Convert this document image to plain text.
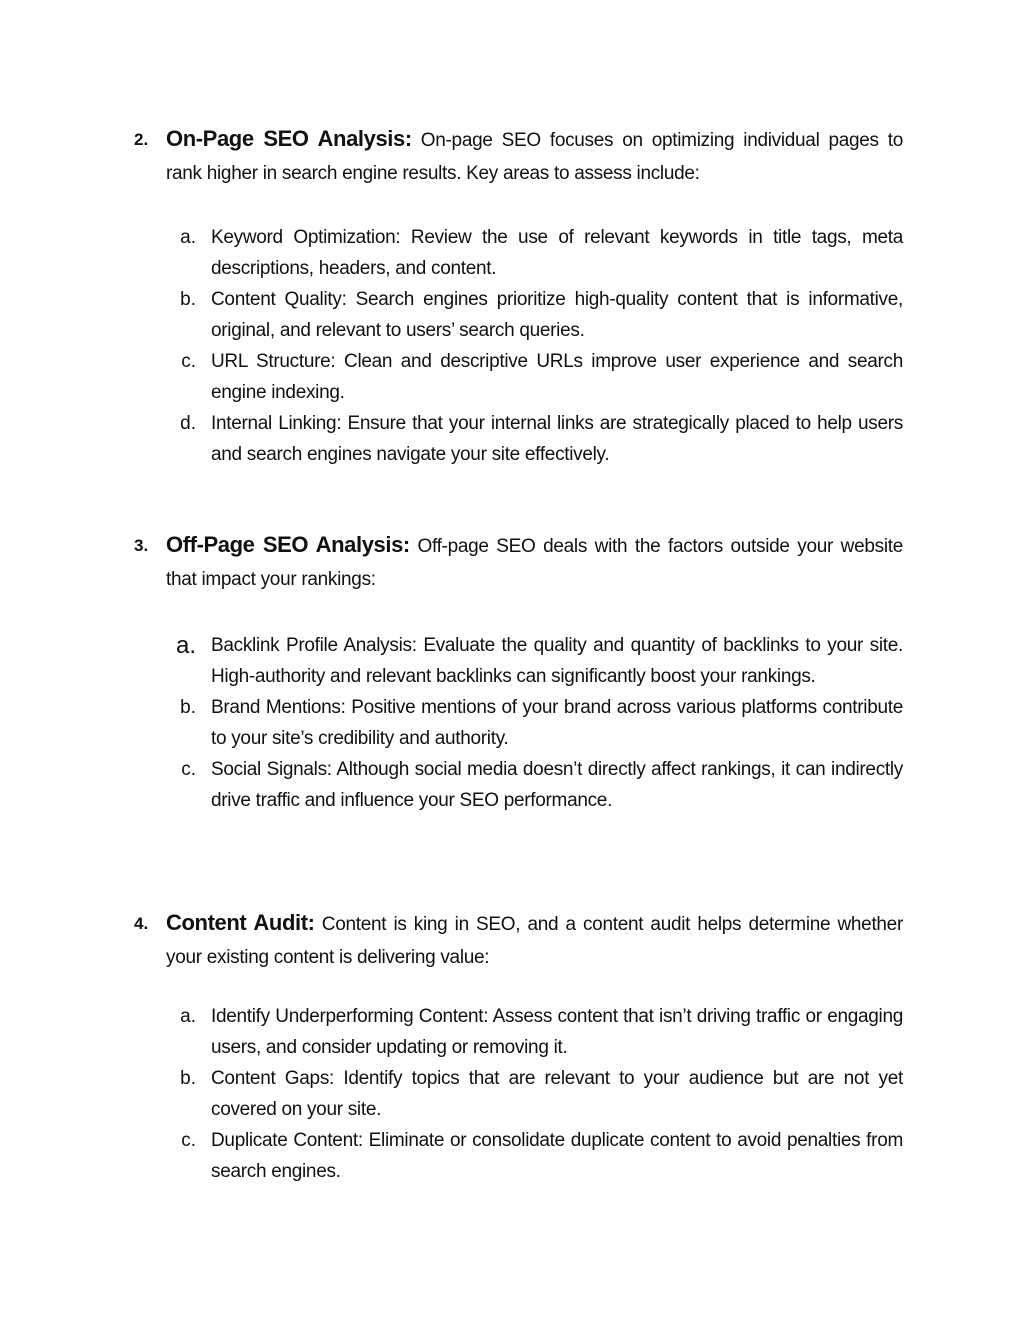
2. On-Page SEO Analysis: On-page SEO focuses on optimizing individual pages to rank higher in search engine results. Key areas to assess include:

a. Keyword Optimization: Review the use of relevant keywords in title tags, meta descriptions, headers, and content.
b. Content Quality: Search engines prioritize high-quality content that is informative, original, and relevant to users’ search queries.
c. URL Structure: Clean and descriptive URLs improve user experience and search engine indexing.
d. Internal Linking: Ensure that your internal links are strategically placed to help users and search engines navigate your site effectively.
3. Off-Page SEO Analysis: Off-page SEO deals with the factors outside your website that impact your rankings:

a. Backlink Profile Analysis: Evaluate the quality and quantity of backlinks to your site. High-authority and relevant backlinks can significantly boost your rankings.
b. Brand Mentions: Positive mentions of your brand across various platforms contribute to your site’s credibility and authority.
c. Social Signals: Although social media doesn’t directly affect rankings, it can indirectly drive traffic and influence your SEO performance.
4. Content Audit: Content is king in SEO, and a content audit helps determine whether your existing content is delivering value:

a. Identify Underperforming Content: Assess content that isn’t driving traffic or engaging users, and consider updating or removing it.
b. Content Gaps: Identify topics that are relevant to your audience but are not yet covered on your site.
c. Duplicate Content: Eliminate or consolidate duplicate content to avoid penalties from search engines.
